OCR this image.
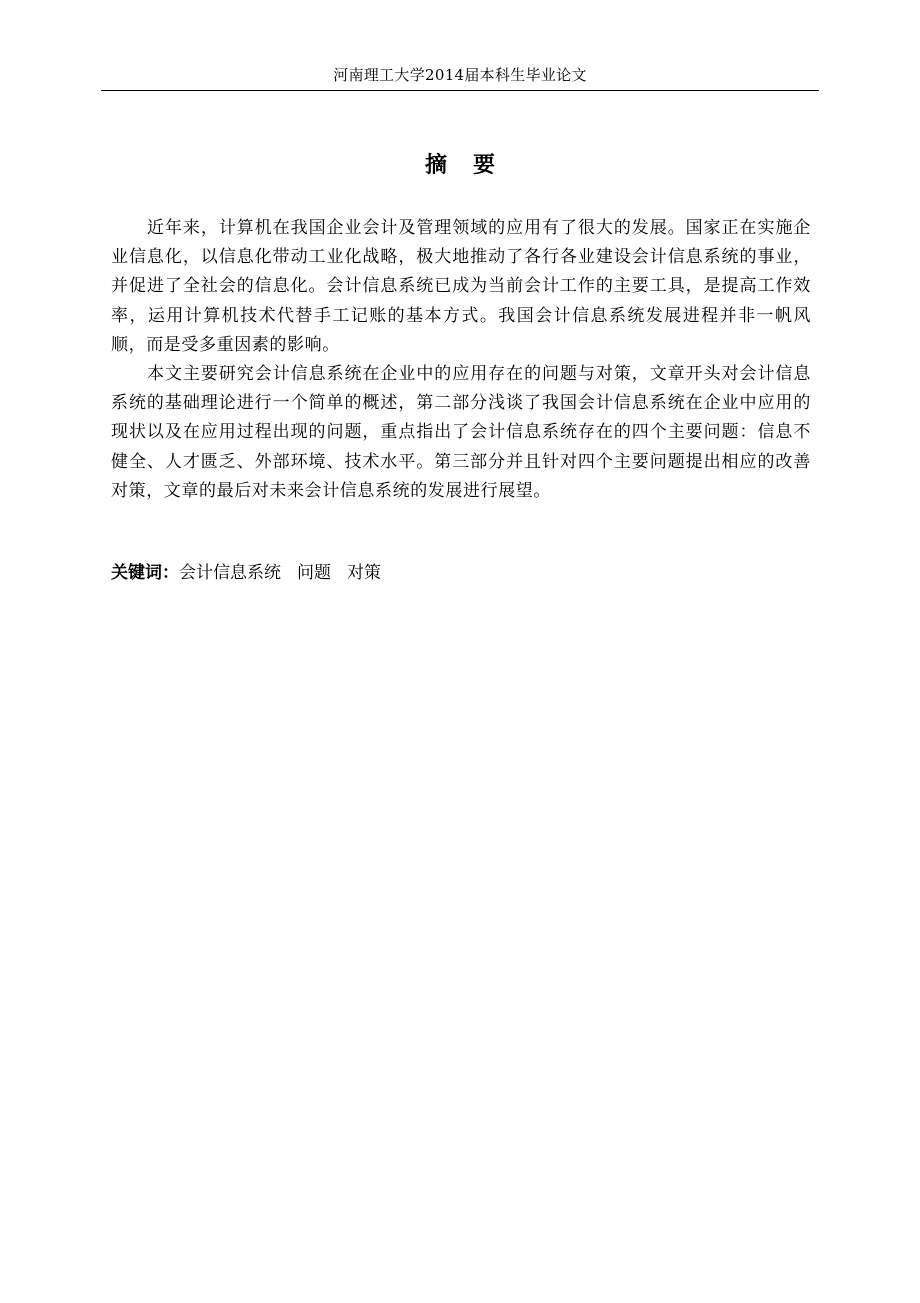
河南理工大学2014届本科生毕业论文
摘要

近年来，计算机在我国企业会计及管理领域的应用有了很大的发展。国家正在实施企业信息化，以信息化带动工业化战略，极大地推动了各行各业建设会计信息系统的事业，并促进了全社会的信息化。会计信息系统已成为当前会计工作的主要工具，是提高工作效率，运用计算机技术代替手工记账的基本方式。我国会计信息系统发展进程并非一帆风顺，而是受多重因素的影响。

本文主要研究会计信息系统在企业中的应用存在的问题与对策，文章开头对会计信息系统的基础理论进行一个简单的概述，第二部分浅谈了我国会计信息系统在企业中应用的现状以及在应用过程出现的问题，重点指出了会计信息系统存在的四个主要问题：信息不健全、人才匮乏、外部环境、技术水平。第三部分并且针对四个主要问题提出相应的改善对策，文章的最后对未来会计信息系统的发展进行展望。

关键词：会计信息系统 问题 对策
